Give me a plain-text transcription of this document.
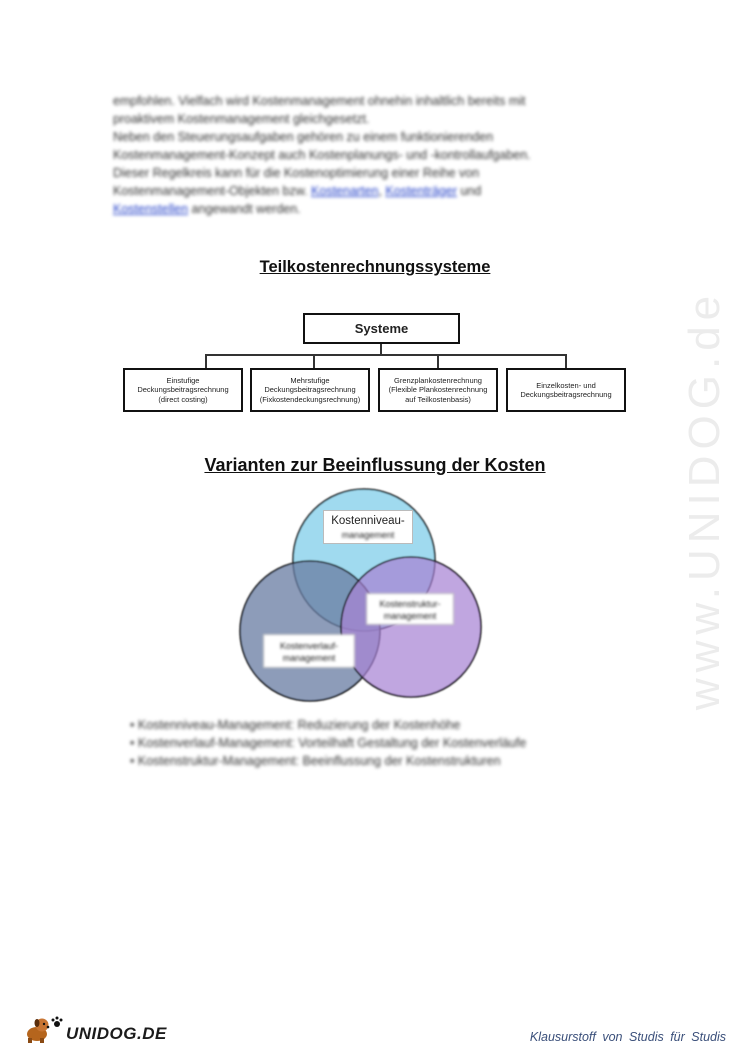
empfohlen. Vielfach wird Kostenmanagement ohnehin inhaltlich bereits mit

proaktivem Kostenmanagement gleichgesetzt.

Neben den Steuerungsaufgaben gehören zu einem funktionierenden

Kostenmanagement-Konzept auch Kostenplanungs- und -kontrollaufgaben.

Dieser Regelkreis kann für die Kostenoptimierung einer Reihe von

Kostenmanagement-Objekten bzw. Kostenarten, Kostenträger und

Kostenstellen angewandt werden.

Teilkostenrechnungssysteme
Systeme
Einstufige
Deckungsbeitragsrechnung
(direct costing)
Mehrstufige
Deckungsbeitragsrechnung
(Fixkostendeckungsrechnung)
Grenzplankostenrechnung
(Flexible Plankostenrechnung
auf Teilkostenbasis)
Einzelkosten- und
Deckungsbeitragsrechnung
Varianten zur Beeinflussung der Kosten
Kostenniveau-
management
Kostenstruktur-
management
Kostenverlauf-
management
• Kostenniveau-Management: Reduzierung der Kostenhöhe
• Kostenverlauf-Management: Vorteilhaft Gestaltung der Kostenverläufe
• Kostenstruktur-Management: Beeinflussung der Kostenstrukturen
www.UNIDOG.de
UNIDOG.DE	Klausurstoff von Studis für Studis
